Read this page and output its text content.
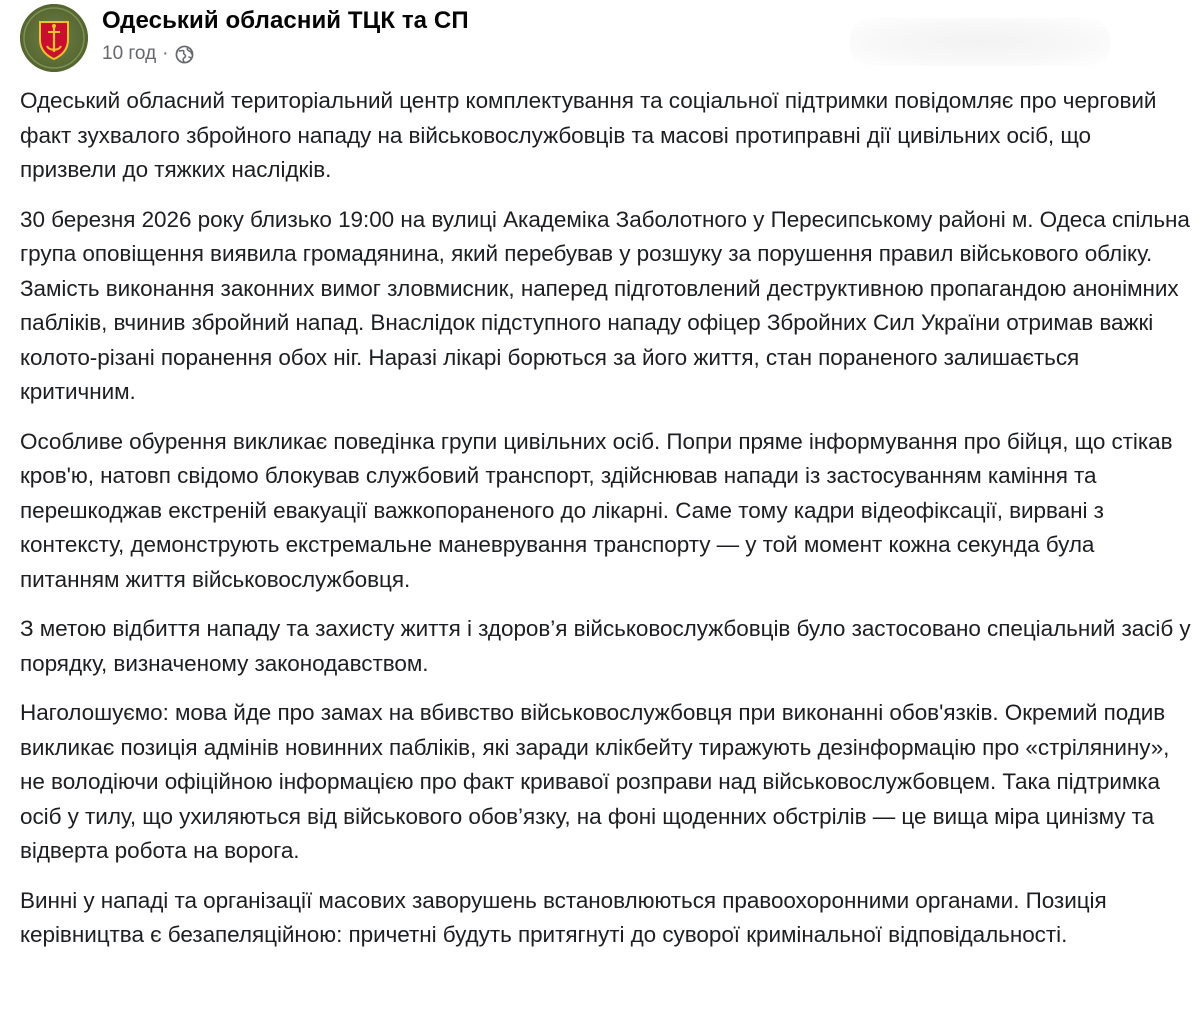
Одеський обласний ТЦК та СП
10 год ·

Одеський обласний територіальний центр комплектування та соціальної підтримки повідомляє про черговий факт зухвалого збройного нападу на військовослужбовців та масові протиправні дії цивільних осіб, що призвели до тяжких наслідків.

30 березня 2026 року близько 19:00 на вулиці Академіка Заболотного у Пересипському районі м. Одеса спільна група оповіщення виявила громадянина, який перебував у розшуку за порушення правил військового обліку. Замість виконання законних вимог зловмисник, наперед підготовлений деструктивною пропагандою анонімних пабліків, вчинив збройний напад. Внаслідок підступного нападу офіцер Збройних Сил України отримав важкі колото-різані поранення обох ніг. Наразі лікарі борються за його життя, стан пораненого залишається критичним.

Особливе обурення викликає поведінка групи цивільних осіб. Попри пряме інформування про бійця, що стікав кров'ю, натовп свідомо блокував службовий транспорт, здійснював напади із застосуванням каміння та перешкоджав екстреній евакуації важкопораненого до лікарні. Саме тому кадри відеофіксації, вирвані з контексту, демонструють екстремальне маневрування транспорту — у той момент кожна секунда була питанням життя військовослужбовця.

З метою відбиття нападу та захисту життя і здоров’я військовослужбовців було застосовано спеціальний засіб у порядку, визначеному законодавством.

Наголошуємо: мова йде про замах на вбивство військовослужбовця при виконанні обов'язків. Окремий подив викликає позиція адмінів новинних пабліків, які заради клікбейту тиражують дезінформацію про «стрілянину», не володіючи офіційною інформацією про факт кривавої розправи над військовослужбовцем. Така підтримка осіб у тилу, що ухиляються від військового обов’язку, на фоні щоденних обстрілів — це вища міра цинізму та відверта робота на ворога.

Винні у нападі та організації масових заворушень встановлюються правоохоронними органами. Позиція керівництва є безапеляційною: причетні будуть притягнуті до суворої кримінальної відповідальності.
